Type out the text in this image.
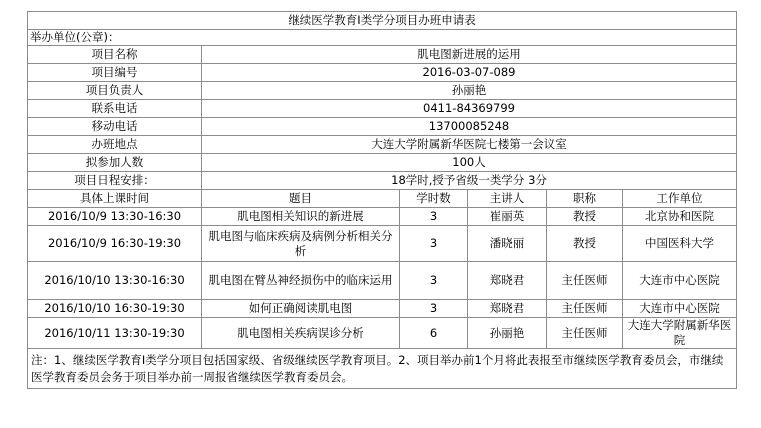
继续医学教育Ⅰ类学分项目办班申请表					
举办单位(公章)：					
项目名称	肌电图新进展的运用				
项目编号	2016-03-07-089				
项目负责人	孙丽艳				
联系电话	0411-84369799				
移动电话	13700085248				
办班地点	大连大学附属新华医院七楼第一会议室				
拟参加人数	100人				
项目日程安排：	18学时,授予省级一类学分 3分				
具体上课时间	题目	学时数	主讲人	职称	工作单位
2016/10/9 13:30-16:30	肌电图相关知识的新进展	3	崔丽英	教授	北京协和医院
2016/10/9 16:30-19:30	肌电图与临床疾病及病例分析相关分析	3	潘晓丽	教授	中国医科大学
2016/10/10 13:30-16:30	肌电图在臂丛神经损伤中的临床运用	3	郑晓君	主任医师	大连市中心医院
2016/10/10 16:30-19:30	如何正确阅读肌电图	3	郑晓君	主任医师	大连市中心医院
2016/10/11 13:30-19:30	肌电图相关疾病误诊分析	6	孙丽艳	主任医师	大连大学附属新华医院
注：1、继续医学教育Ⅰ类学分项目包括国家级、省级继续医学教育项目。2、项目举办前1个月将此表报至市继续医学教育委员会，市继续医学教育委员会务于项目举办前一周报省继续医学教育委员会。					
